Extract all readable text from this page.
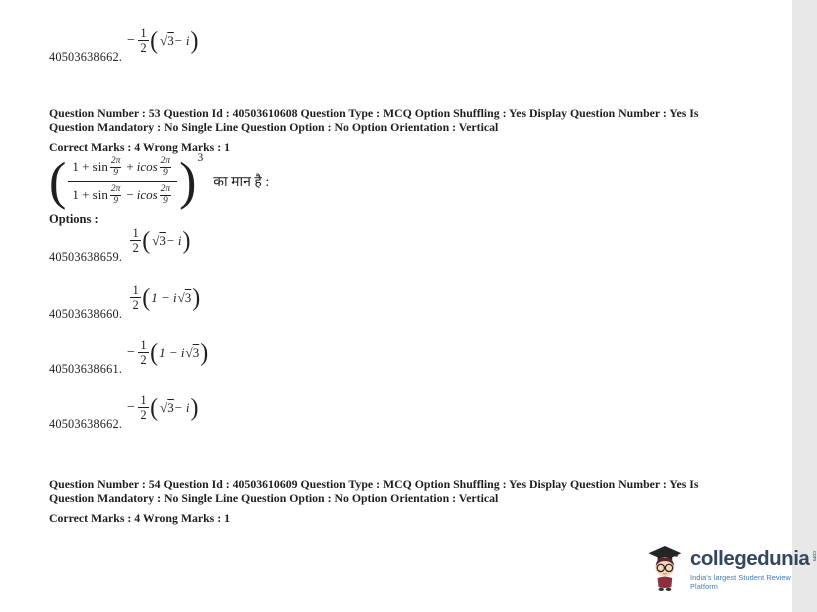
40503638662.
− $\frac{1}{2}$ ( √ 3 − i )
Question Number : 53 Question Id : 40503610608 Question Type : MCQ Option Shuffling : Yes Display Question Number : Yes Is
Question Mandatory : No Single Line Question Option : No Option Orientation : Vertical
Correct Marks : 4 Wrong Marks : 1
( 1 + sin 2π
9 + icos 2π
9
1 + sin 2π
9 − icos 2π
9 ) 3
का मान है :
Options :
40503638659.
$\frac{1}{2}$ ( √ 3 − i )
40503638660.
$\frac{1}{2}$ ( 1 − i √ 3 )
40503638661.
− $\frac{1}{2}$ ( 1 − i √ 3 )
40503638662.
− $\frac{1}{2}$ ( √ 3 − i )
Question Number : 54 Question Id : 40503610609 Question Type : MCQ Option Shuffling : Yes Display Question Number : Yes Is
Question Mandatory : No Single Line Question Option : No Option Orientation : Vertical
Correct Marks : 4 Wrong Marks : 1
collegedunia com
India's largest Student Review Platform
